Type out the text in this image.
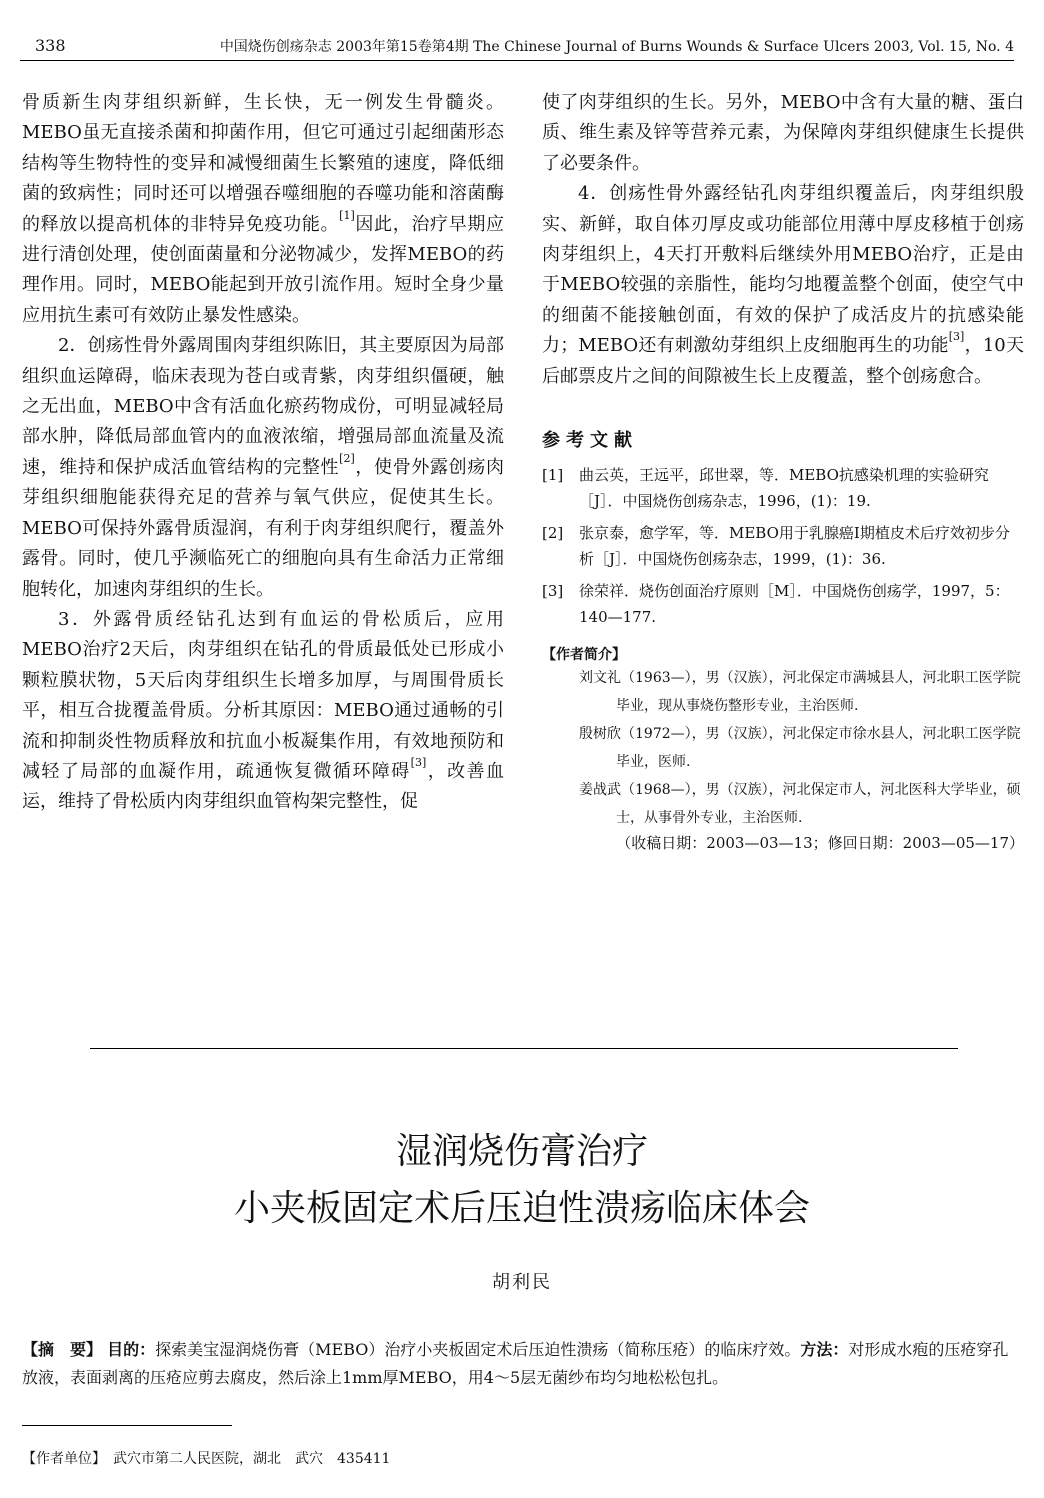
338	中国烧伤创疡杂志 2003年第15卷第4期 The Chinese Journal of Burns Wounds & Surface Ulcers 2003, Vol. 15, No. 4

骨质新生肉芽组织新鲜，生长快，无一例发生骨髓炎。MEBO虽无直接杀菌和抑菌作用，但它可通过引起细菌形态结构等生物特性的变异和减慢细菌生长繁殖的速度，降低细菌的致病性；同时还可以增强吞噬细胞的吞噬功能和溶菌酶的释放以提高机体的非特异免疫功能。[1]因此，治疗早期应进行清创处理，使创面菌量和分泌物减少，发挥MEBO的药理作用。同时，MEBO能起到开放引流作用。短时全身少量应用抗生素可有效防止暴发性感染。

2．创疡性骨外露周围肉芽组织陈旧，其主要原因为局部组织血运障碍，临床表现为苍白或青紫，肉芽组织僵硬，触之无出血，MEBO中含有活血化瘀药物成份，可明显减轻局部水肿，降低局部血管内的血液浓缩，增强局部血流量及流速，维持和保护成活血管结构的完整性[2]，使骨外露创疡肉芽组织细胞能获得充足的营养与氧气供应，促使其生长。MEBO可保持外露骨质湿润，有利于肉芽组织爬行，覆盖外露骨。同时，使几乎濒临死亡的细胞向具有生命活力正常细胞转化，加速肉芽组织的生长。

3．外露骨质经钻孔达到有血运的骨松质后，应用MEBO治疗2天后，肉芽组织在钻孔的骨质最低处已形成小颗粒膜状物，5天后肉芽组织生长增多加厚，与周围骨质长平，相互合拢覆盖骨质。分析其原因：MEBO通过通畅的引流和抑制炎性物质释放和抗血小板凝集作用，有效地预防和减轻了局部的血凝作用，疏通恢复微循环障碍[3]，改善血运，维持了骨松质内肉芽组织血管构架完整性，促

使了肉芽组织的生长。另外，MEBO中含有大量的糖、蛋白质、维生素及锌等营养元素，为保障肉芽组织健康生长提供了必要条件。

4．创疡性骨外露经钻孔肉芽组织覆盖后，肉芽组织殷实、新鲜，取自体刃厚皮或功能部位用薄中厚皮移植于创疡肉芽组织上，4天打开敷料后继续外用MEBO治疗，正是由于MEBO较强的亲脂性，能均匀地覆盖整个创面，使空气中的细菌不能接触创面，有效的保护了成活皮片的抗感染能力；MEBO还有刺激幼芽组织上皮细胞再生的功能[3]，10天后邮票皮片之间的间隙被生长上皮覆盖，整个创疡愈合。

参考文献

[1] 曲云英，王远平，邱世翠，等．MEBO抗感染机理的实验研究［J］．中国烧伤创疡杂志，1996，(1)：19.
[2] 张京泰，愈学军，等．MEBO用于乳腺癌Ⅰ期植皮术后疗效初步分析［J］．中国烧伤创疡杂志，1999，(1)：36.
[3] 徐荣祥．烧伤创面治疗原则［M］．中国烧伤创疡学，1997，5：140—177.
【作者简介】
刘文礼（1963—），男（汉族），河北保定市满城县人，河北职工医学院毕业，现从事烧伤整形专业，主治医师.
殷树欣（1972—），男（汉族），河北保定市徐水县人，河北职工医学院毕业，医师.
姜战武（1968—），男（汉族），河北保定市人，河北医科大学毕业，硕士，从事骨外专业，主治医师.
（收稿日期：2003—03—13；修回日期：2003—05—17）
湿润烧伤膏治疗
小夹板固定术后压迫性溃疡临床体会
胡利民
【摘　要】 目的：探索美宝湿润烧伤膏（MEBO）治疗小夹板固定术后压迫性溃疡（简称压疮）的临床疗效。方法：对形成水疱的压疮穿孔放液，表面剥离的压疮应剪去腐皮，然后涂上1mm厚MEBO，用4～5层无菌纱布均匀地松松包扎。
【作者单位】　武穴市第二人民医院，湖北　武穴　435411
